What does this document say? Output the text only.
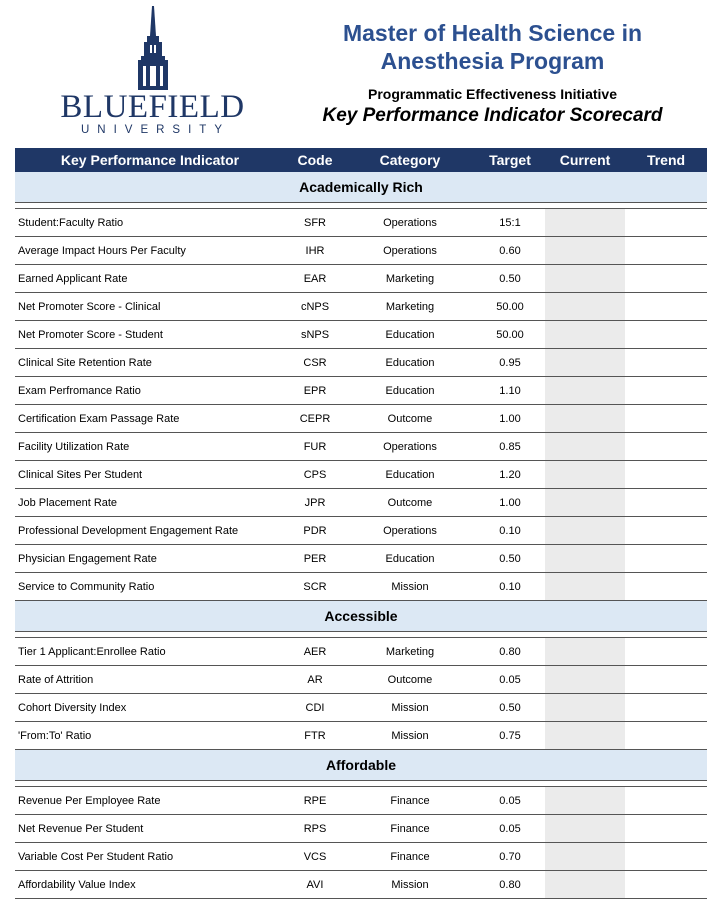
BLUEFIELD
UNIVERSITY
Master of Health Science in
Anesthesia Program
Programmatic Effectiveness Initiative
Key Performance Indicator Scorecard
Key Performance Indicator	Code	Category	Target	Current	Trend
Academically Rich
Student:Faculty Ratio	SFR	Operations	15:1
Average Impact Hours Per Faculty	IHR	Operations	0.60
Earned Applicant Rate	EAR	Marketing	0.50
Net Promoter Score - Clinical	cNPS	Marketing	50.00
Net Promoter Score - Student	sNPS	Education	50.00
Clinical Site Retention Rate	CSR	Education	0.95
Exam Perfromance Ratio	EPR	Education	1.10
Certification Exam Passage Rate	CEPR	Outcome	1.00
Facility Utilization Rate	FUR	Operations	0.85
Clinical Sites Per Student	CPS	Education	1.20
Job Placement Rate	JPR	Outcome	1.00
Professional Development Engagement Rate	PDR	Operations	0.10
Physician Engagement Rate	PER	Education	0.50
Service to Community Ratio	SCR	Mission	0.10
Accessible
Tier 1 Applicant:Enrollee Ratio	AER	Marketing	0.80
Rate of Attrition	AR	Outcome	0.05
Cohort Diversity Index	CDI	Mission	0.50
'From:To' Ratio	FTR	Mission	0.75
Affordable
Revenue Per Employee Rate	RPE	Finance	0.05
Net Revenue Per Student	RPS	Finance	0.05
Variable Cost Per Student Ratio	VCS	Finance	0.70
Affordability Value Index	AVI	Mission	0.80
